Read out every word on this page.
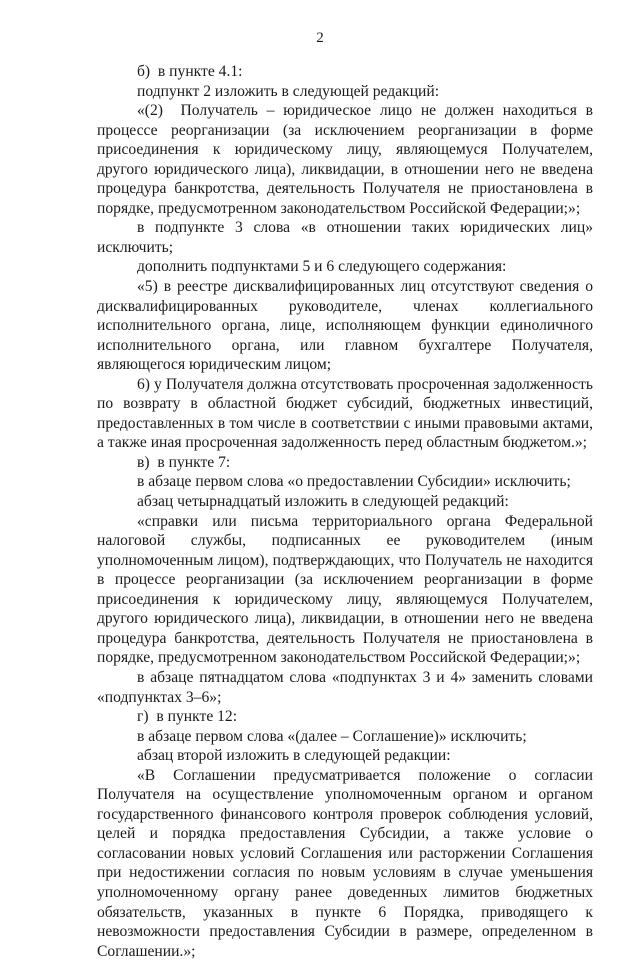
2

б)  в пункте 4.1:

подпункт 2 изложить в следующей редакций:

«(2)  Получатель – юридическое лицо не должен находиться в процессе реорганизации (за исключением реорганизации в форме присоединения к юридическому лицу, являющемуся Получателем, другого юридического лица), ликвидации, в отношении него не введена процедура банкротства, деятельность Получателя не приостановлена в порядке, предусмотренном законодательством Российской Федерации;»;

в подпункте 3 слова «в отношении таких юридических лиц» исключить;

дополнить подпунктами 5 и 6 следующего содержания:

«5) в реестре дисквалифицированных лиц отсутствуют сведения о дисквалифицированных руководителе, членах коллегиального исполнительного органа, лице, исполняющем функции единоличного исполнительного органа, или главном бухгалтере Получателя, являющегося юридическим лицом;

6) у Получателя должна отсутствовать просроченная задолженность по возврату в областной бюджет субсидий, бюджетных инвестиций, предоставленных в том числе в соответствии с иными правовыми актами, а также иная просроченная задолженность перед областным бюджетом.»;

в)  в пункте 7:

в абзаце первом слова «о предоставлении Субсидии» исключить;

абзац четырнадцатый изложить в следующей редакций:

«справки или письма территориального органа Федеральной налоговой службы, подписанных ее руководителем (иным уполномоченным лицом), подтверждающих, что Получатель не находится в процессе реорганизации (за исключением реорганизации в форме присоединения к юридическому лицу, являющемуся Получателем, другого юридического лица), ликвидации, в отношении него не введена процедура банкротства, деятельность Получателя не приостановлена в порядке, предусмотренном законодательством Российской Федерации;»;

в абзаце пятнадцатом слова «подпунктах 3 и 4» заменить словами «подпунктах 3–6»;

г)  в пункте 12:

в абзаце первом слова «(далее – Соглашение)» исключить;

абзац второй изложить в следующей редакции:

«В Соглашении предусматривается положение о согласии Получателя на осуществление уполномоченным органом и органом государственного финансового контроля проверок соблюдения условий, целей и порядка предоставления Субсидии, а также условие о согласовании новых условий Соглашения или расторжении Соглашения при недостижении согласия по новым условиям в случае уменьшения уполномоченному органу ранее доведенных лимитов бюджетных обязательств, указанных в пункте 6 Порядка, приводящего к невозможности предоставления Субсидии в размере, определенном в Соглашении.»;
